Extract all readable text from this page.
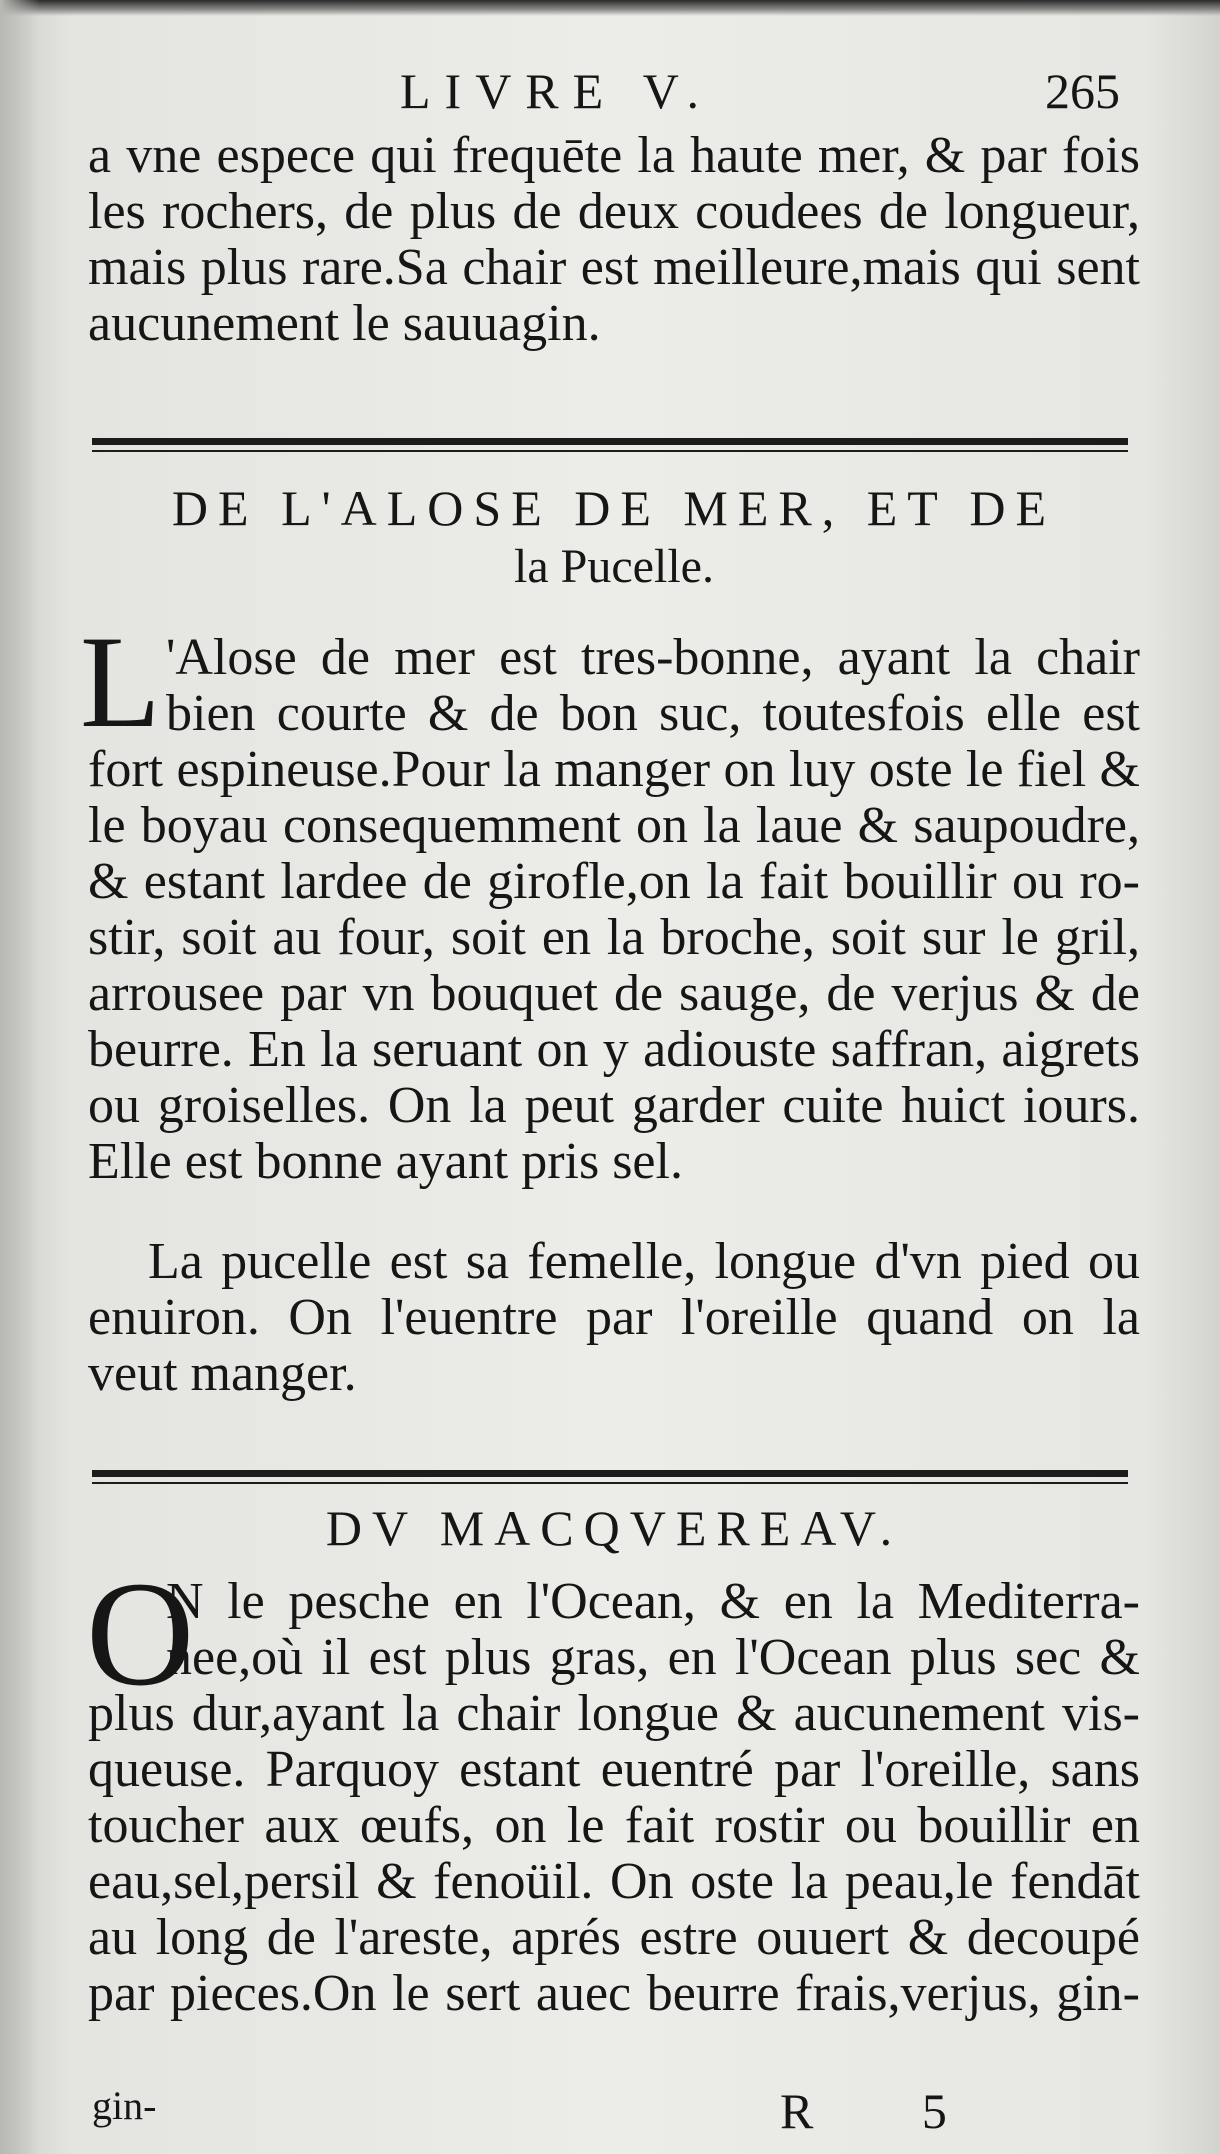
LIVRE V.	265
a vne espece qui frequēte la haute mer, & par fois
les rochers, de plus de deux coudees de longueur,
mais plus rare.Sa chair est meilleure,mais qui sent
aucunement le sauuagin.
DE L'ALOSE DE MER, ET DE
la Pucelle.
L 'Alose de mer est tres-bonne, ayant la chair
bien courte & de bon suc, toutesfois elle est
fort espineuse.Pour la manger on luy oste le fiel &
le boyau consequemment on la laue & saupoudre,
& estant lardee de girofle,on la fait bouillir ou ro-
stir, soit au four, soit en la broche, soit sur le gril,
arrousee par vn bouquet de sauge, de verjus & de
beurre. En la seruant on y adiouste saffran, aigrets
ou groiselles. On la peut garder cuite huict iours.
Elle est bonne ayant pris sel.
La pucelle est sa femelle, longue d'vn pied ou
enuiron. On l'euentre par l'oreille quand on la
veut manger.
DV MACQVEREAV.
O
N le pesche en l'Ocean, & en la Mediterra-
nee,où il est plus gras, en l'Ocean plus sec &
plus dur,ayant la chair longue & aucunement vis-
queuse. Parquoy estant euentré par l'oreille, sans
toucher aux œufs, on le fait rostir ou bouillir en
eau,sel,persil & fenoüil. On oste la peau,le fendāt
au long de l'areste, aprés estre ouuert & decoupé
par pieces.On le sert auec beurre frais,verjus, gin-
gin-	R 5
